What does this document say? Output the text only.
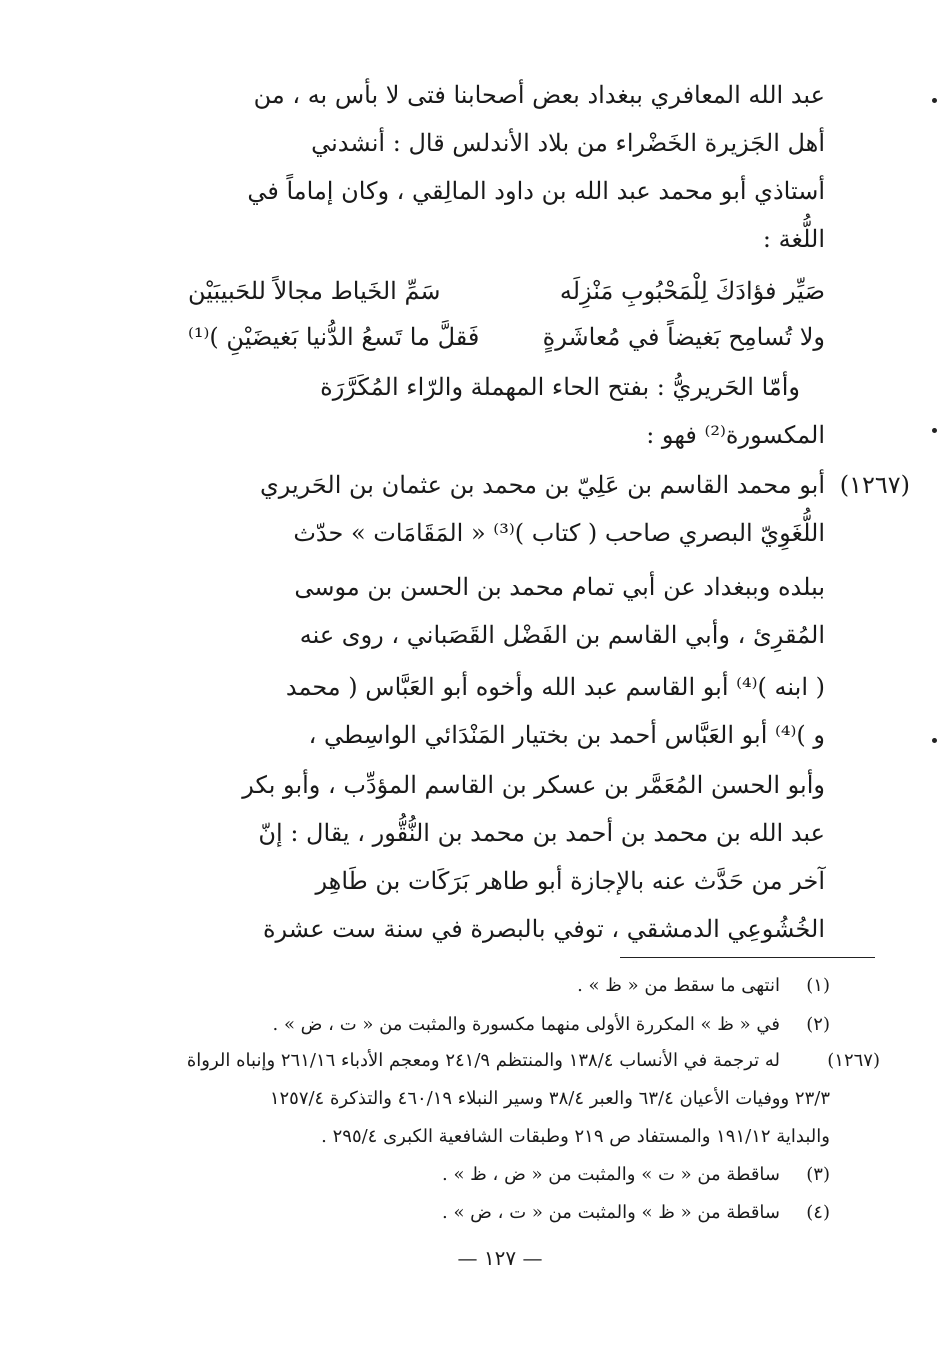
عبد الله المعافري ببغداد بعض أصحابنا فتى لا بأس به ، من
أهل الجَزيرة الخَضْراء من بلاد الأندلس قال : أنشدني
أستاذي أبو محمد عبد الله بن داود المالِقي ، وكان إماماً في
اللُّغة :
صَيِّر فؤادَكَ لِلْمَحْبُوبِ مَنْزِلَه
سَمِّ الخَياط مجالاً للحَبيبَيْن
ولا تُسامِح بَغيضاً في مُعاشَرةٍ
فَقلَّ ما تَسعُ الدُّنيا بَغيضَيْنِ )⁽¹⁾
وأمّا الحَريريُّ : بفتح الحاء المهملة والرّاء المُكَرَّرَة
المكسورة⁽²⁾ فهو :
(١٢٦٧)
أبو محمد القاسم بن عَلِيّ بن محمد بن عثمان بن الحَريري
اللُّغَوِيّ البصري صاحب ( كتاب )⁽³⁾ « المَقَامَات » حدّث
ببلده وببغداد عن أبي تمام محمد بن الحسن بن موسى
المُقرِئ ، وأبي القاسم بن الفَضْل القَصَباني ، روى عنه
( ابنه )⁽⁴⁾ أبو القاسم عبد الله وأخوه أبو العَبَّاس ( محمد
و )⁽⁴⁾ أبو العَبَّاس أحمد بن بختيار المَنْدَائي الواسِطي ،
وأبو الحسن المُعَمَّر بن عسكر بن القاسم المؤدِّب ، وأبو بكر
عبد الله بن محمد بن أحمد بن محمد بن النُّقُّور ، يقال : إنّ
آخر من حَدَّث عنه بالإجازة أبو طاهر بَرَكَات بن طَاهِر
الخُشُوعِي الدمشقي ، توفي بالبصرة في سنة ست عشرة
(١)
انتهى ما سقط من « ظ » .
(٢)
في « ظ » المكررة الأولى منهما مكسورة والمثبت من « ت ، ض » .
(١٢٦٧)
له ترجمة في الأنساب ١٣٨/٤ والمنتظم ٢٤١/٩ ومعجم الأدباء ٢٦١/١٦ وإنباه الرواة
٢٣/٣ ووفيات الأعيان ٦٣/٤ والعبر ٣٨/٤ وسير النبلاء ٤٦٠/١٩ والتذكرة ١٢٥٧/٤
والبداية ١٩١/١٢ والمستفاد ص ٢١٩ وطبقات الشافعية الكبرى ٢٩٥/٤ .
(٣)
ساقطة من « ت » والمثبت من « ض ، ظ » .
(٤)
ساقطة من « ظ » والمثبت من « ت ، ض » .
— ١٢٧ —
